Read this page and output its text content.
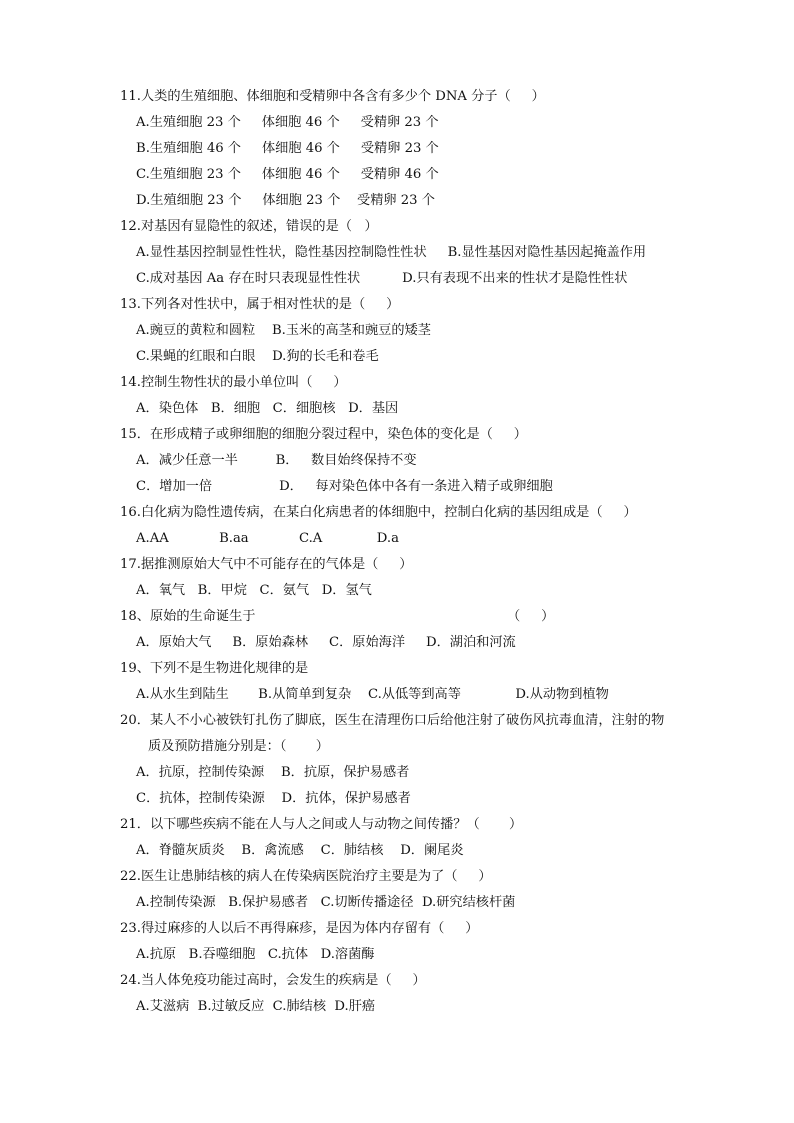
11.人类的生殖细胞、体细胞和受精卵中各含有多少个 DNA 分子（     ）
A.生殖细胞 23 个     体细胞 46 个     受精卵 23 个
B.生殖细胞 46 个     体细胞 46 个     受精卵 23 个
C.生殖细胞 23 个     体细胞 46 个     受精卵 46 个
D.生殖细胞 23 个     体细胞 23 个    受精卵 23 个
12.对基因有显隐性的叙述，错误的是（   ）
A.显性基因控制显性性状，隐性基因控制隐性性状     B.显性基因对隐性基因起掩盖作用
C.成对基因 Aa 存在时只表现显性性状          D.只有表现不出来的性状才是隐性性状
13.下列各对性状中，属于相对性状的是（     ）
A.豌豆的黄粒和圆粒    B.玉米的高茎和豌豆的矮茎
C.果蝇的红眼和白眼    D.狗的长毛和卷毛
14.控制生物性状的最小单位叫（     ）
A．染色体   B．细胞   C．细胞核   D．基因
15．在形成精子或卵细胞的细胞分裂过程中，染色体的变化是（     ）
A．减少任意一半         B．   数目始终保持不变
C．增加一倍                D．   每对染色体中各有一条进入精子或卵细胞
16.白化病为隐性遗传病，在某白化病患者的体细胞中，控制白化病的基因组成是（     ）
A.AA            B.aa            C.A             D.a
17.据推测原始大气中不可能存在的气体是（     ）
A．氧气   B．甲烷   C．氨气   D．氢气
18、原始的生命诞生于                                                            （     ）
A．原始大气     B．原始森林     C．原始海洋     D．湖泊和河流
19、下列不是生物进化规律的是
A.从水生到陆生       B.从简单到复杂    C.从低等到高等             D.从动物到植物
20．某人不小心被铁钉扎伤了脚底，医生在清理伤口后给他注射了破伤风抗毒血清，注射的物
质及预防措施分别是：（       ）
A．抗原，控制传染源    B．抗原，保护易感者
C．抗体，控制传染源    D．抗体，保护易感者
21．以下哪些疾病不能在人与人之间或人与动物之间传播？（       ）
A．脊髓灰质炎    B．禽流感    C．肺结核    D．阑尾炎
22.医生让患肺结核的病人在传染病医院治疗主要是为了（     ）
A.控制传染源   B.保护易感者   C.切断传播途径  D.研究结核杆菌
23.得过麻疹的人以后不再得麻疹，是因为体内存留有（     ）
A.抗原   B.吞噬细胞   C.抗体   D.溶菌酶
24.当人体免疫功能过高时，会发生的疾病是（     ）
A.艾滋病  B.过敏反应  C.肺结核  D.肝癌
